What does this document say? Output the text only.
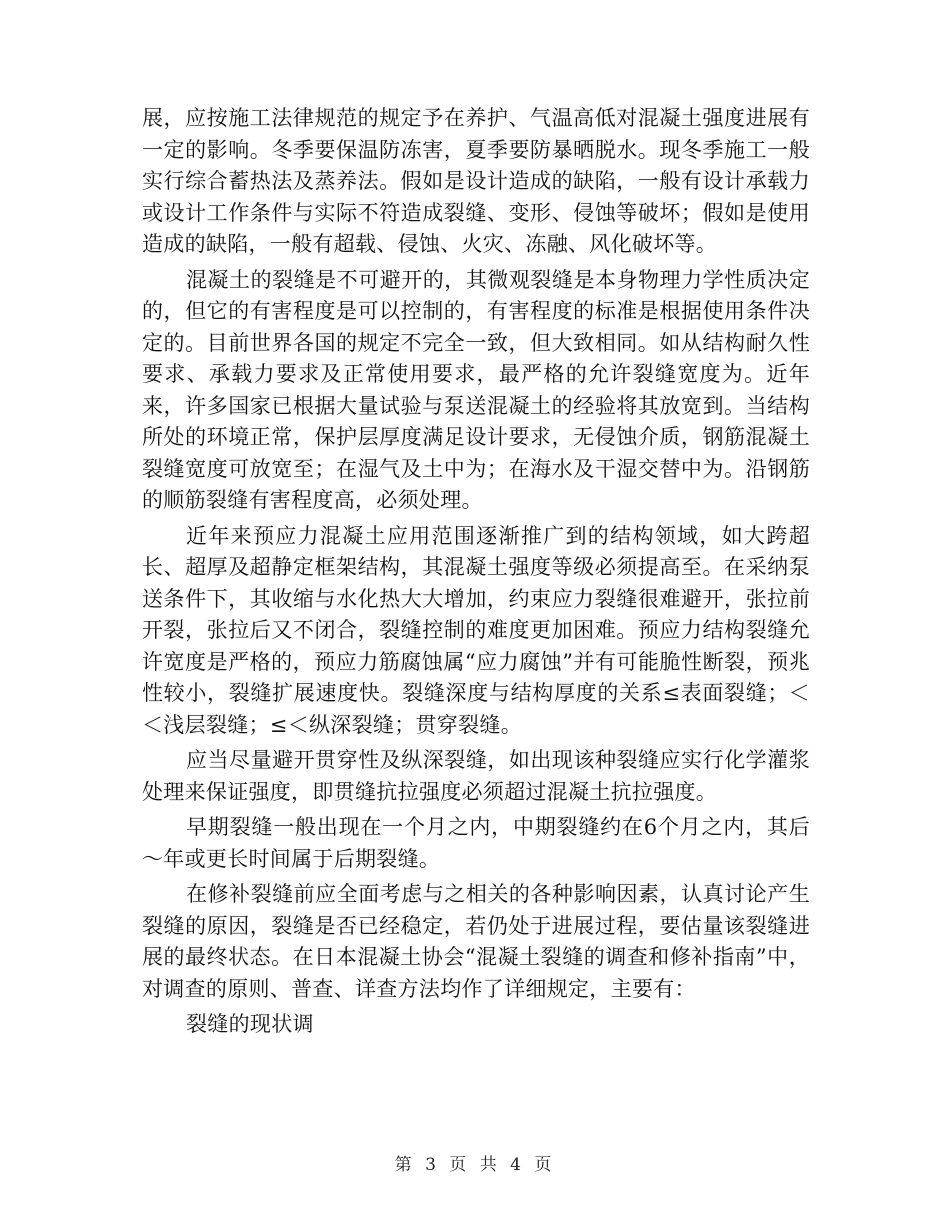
展，应按施工法律规范的规定予在养护、气温高低对混凝土强度进展有一定的影响。冬季要保温防冻害，夏季要防暴晒脱水。现冬季施工一般实行综合蓄热法及蒸养法。假如是设计造成的缺陷，一般有设计承载力或设计工作条件与实际不符造成裂缝、变形、侵蚀等破坏；假如是使用造成的缺陷，一般有超载、侵蚀、火灾、冻融、风化破坏等。

混凝土的裂缝是不可避开的，其微观裂缝是本身物理力学性质决定的，但它的有害程度是可以控制的，有害程度的标准是根据使用条件决定的。目前世界各国的规定不完全一致，但大致相同。如从结构耐久性要求、承载力要求及正常使用要求，最严格的允许裂缝宽度为。近年来，许多国家已根据大量试验与泵送混凝土的经验将其放宽到。当结构所处的环境正常，保护层厚度满足设计要求，无侵蚀介质，钢筋混凝土裂缝宽度可放宽至；在湿气及土中为；在海水及干湿交替中为。沿钢筋的顺筋裂缝有害程度高，必须处理。

近年来预应力混凝土应用范围逐渐推广到的结构领域，如大跨超长、超厚及超静定框架结构，其混凝土强度等级必须提高至。在采纳泵送条件下，其收缩与水化热大大增加，约束应力裂缝很难避开，张拉前开裂，张拉后又不闭合，裂缝控制的难度更加困难。预应力结构裂缝允许宽度是严格的，预应力筋腐蚀属“应力腐蚀”并有可能脆性断裂，预兆性较小，裂缝扩展速度快。裂缝深度与结构厚度的关系≤表面裂缝；＜＜浅层裂缝；≤＜纵深裂缝；贯穿裂缝。

应当尽量避开贯穿性及纵深裂缝，如出现该种裂缝应实行化学灌浆处理来保证强度，即贯缝抗拉强度必须超过混凝土抗拉强度。

早期裂缝一般出现在一个月之内，中期裂缝约在6个月之内，其后～年或更长时间属于后期裂缝。

在修补裂缝前应全面考虑与之相关的各种影响因素，认真讨论产生裂缝的原因，裂缝是否已经稳定，若仍处于进展过程，要估量该裂缝进展的最终状态。在日本混凝土协会“混凝土裂缝的调查和修补指南”中，对调查的原则、普查、详查方法均作了详细规定，主要有：

裂缝的现状调

第 3 页 共 4 页
